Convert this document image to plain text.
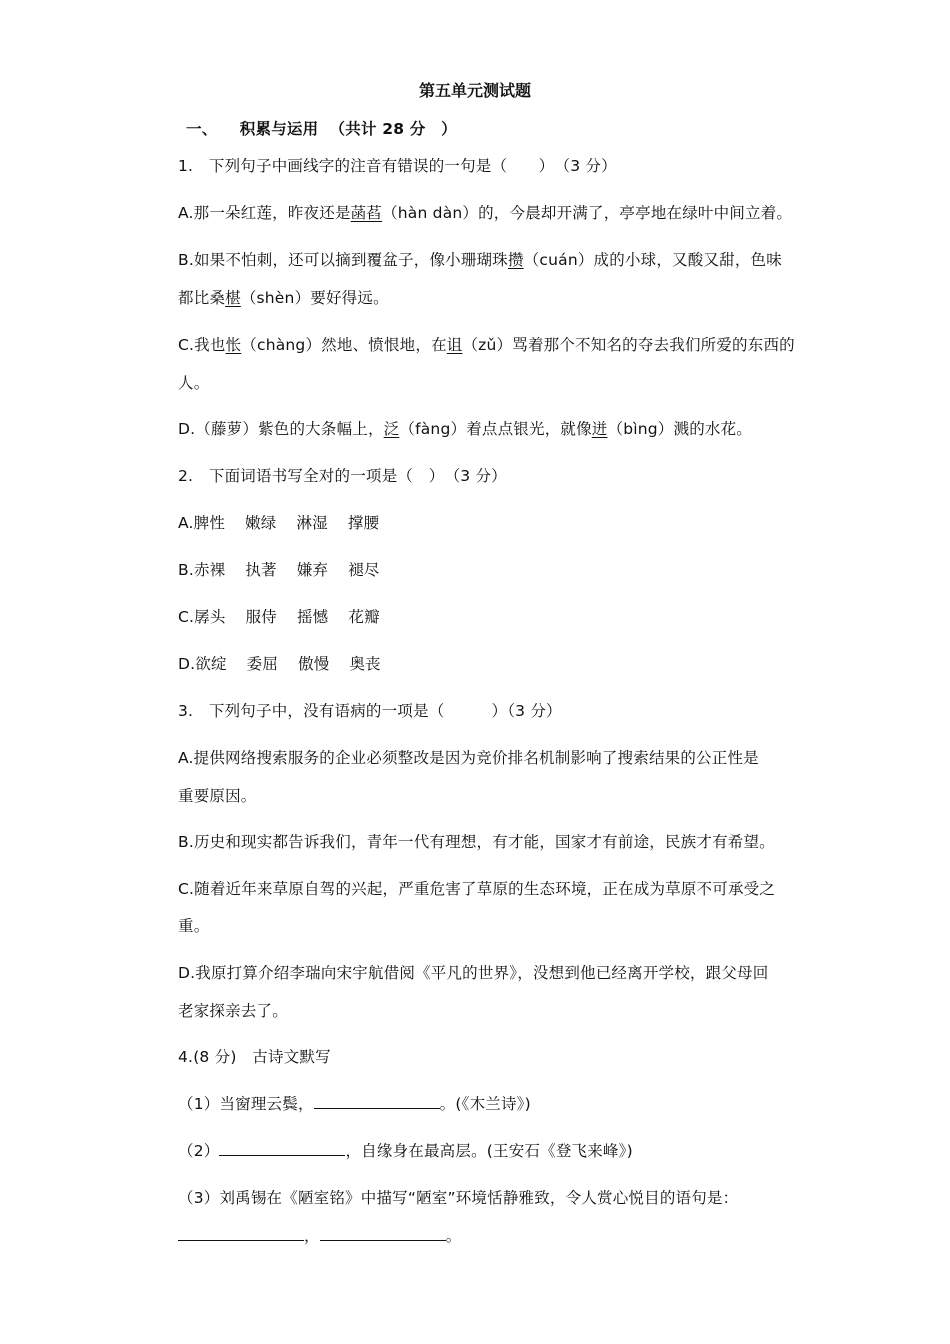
第五单元测试题
一、 积累与运用 （共计 28 分　）
1.　下列句子中画线字的注音有错误的一句是（　　）　（3 分）
A.那一朵红莲，昨夜还是菡萏（hàn dàn）的，今晨却开满了，亭亭地在绿叶中间立着。
B.如果不怕刺，还可以摘到覆盆子，像小珊瑚珠攒（cuán）成的小球，又酸又甜，色味
都比桑椹（shèn）要好得远。
C.我也怅（chàng）然地、愤恨地，在诅（zǔ）骂着那个不知名的夺去我们所爱的东西的
人。
D.（藤萝）紫色的大条幅上，泛（fàng）着点点银光，就像迸（bìng）溅的水花。
2.　下面词语书写全对的一项是（　）　（3 分）
A.脾性 嫩绿 淋湿 撑腰
B.赤裸 执著 嫌弃 褪尽
C.孱头 服侍 摇憾 花瓣
D.欲绽 委屈 傲慢 奥丧
3.　下列句子中，没有语病的一项是（　　　）（3 分）
A.提供网络搜索服务的企业必须整改是因为竞价排名机制影响了搜索结果的公正性是
重要原因。
B.历史和现实都告诉我们，青年一代有理想，有才能，国家才有前途，民族才有希望。
C.随着近年来草原自驾的兴起，严重危害了草原的生态环境，正在成为草原不可承受之
重。
D.我原打算介绍李瑞向宋宇航借阅《平凡的世界》，没想到他已经离开学校，跟父母回
老家探亲去了。
4.(8 分)　古诗文默写
（1）当窗理云鬓，	。(《木兰诗》)
（2）	，自缘身在最高层。(王安石《登飞来峰》)
（3）刘禹锡在《陋室铭》中描写“陋室”环境恬静雅致，令人赏心悦目的语句是：
，	。
